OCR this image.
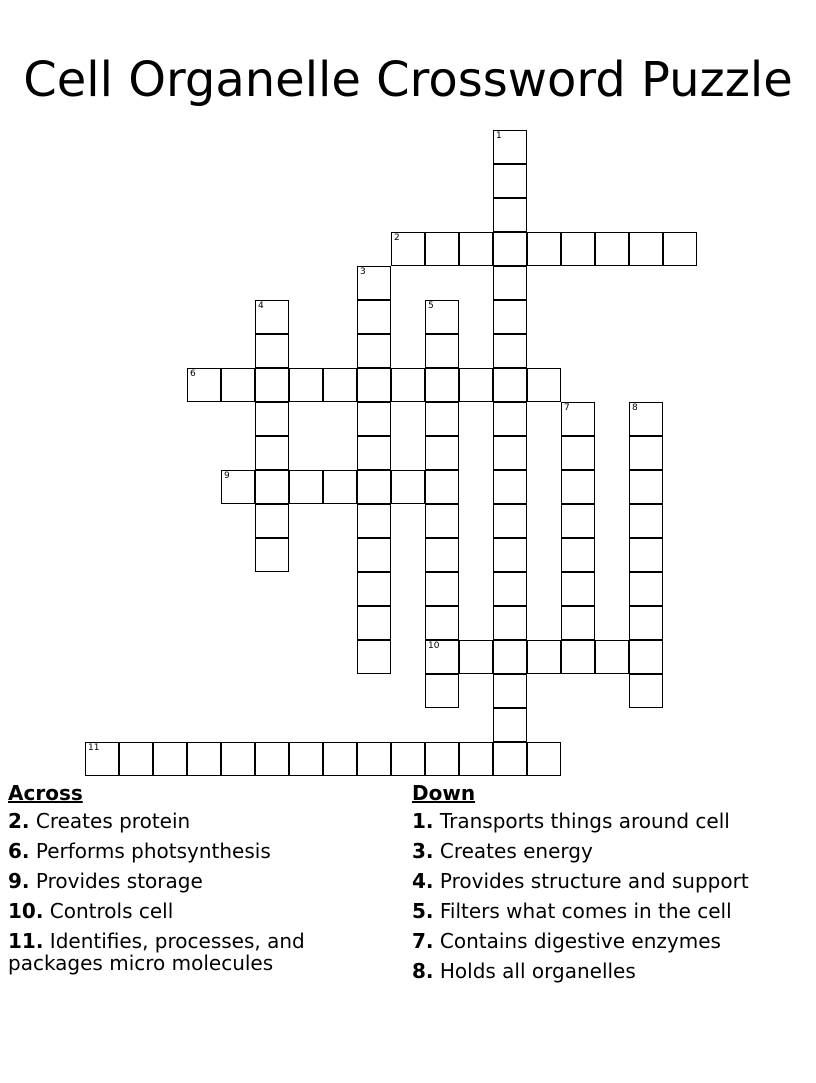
Cell Organelle Crossword Puzzle
1
2
3
4	5
10
6
7	8
9
11
Across
2. Creates protein
6. Performs photsynthesis
9. Provides storage
10. Controls cell
11. Identifies, processes, and packages micro molecules
Down
1. Transports things around cell
3. Creates energy
4. Provides structure and support
5. Filters what comes in the cell
7. Contains digestive enzymes
8. Holds all organelles
